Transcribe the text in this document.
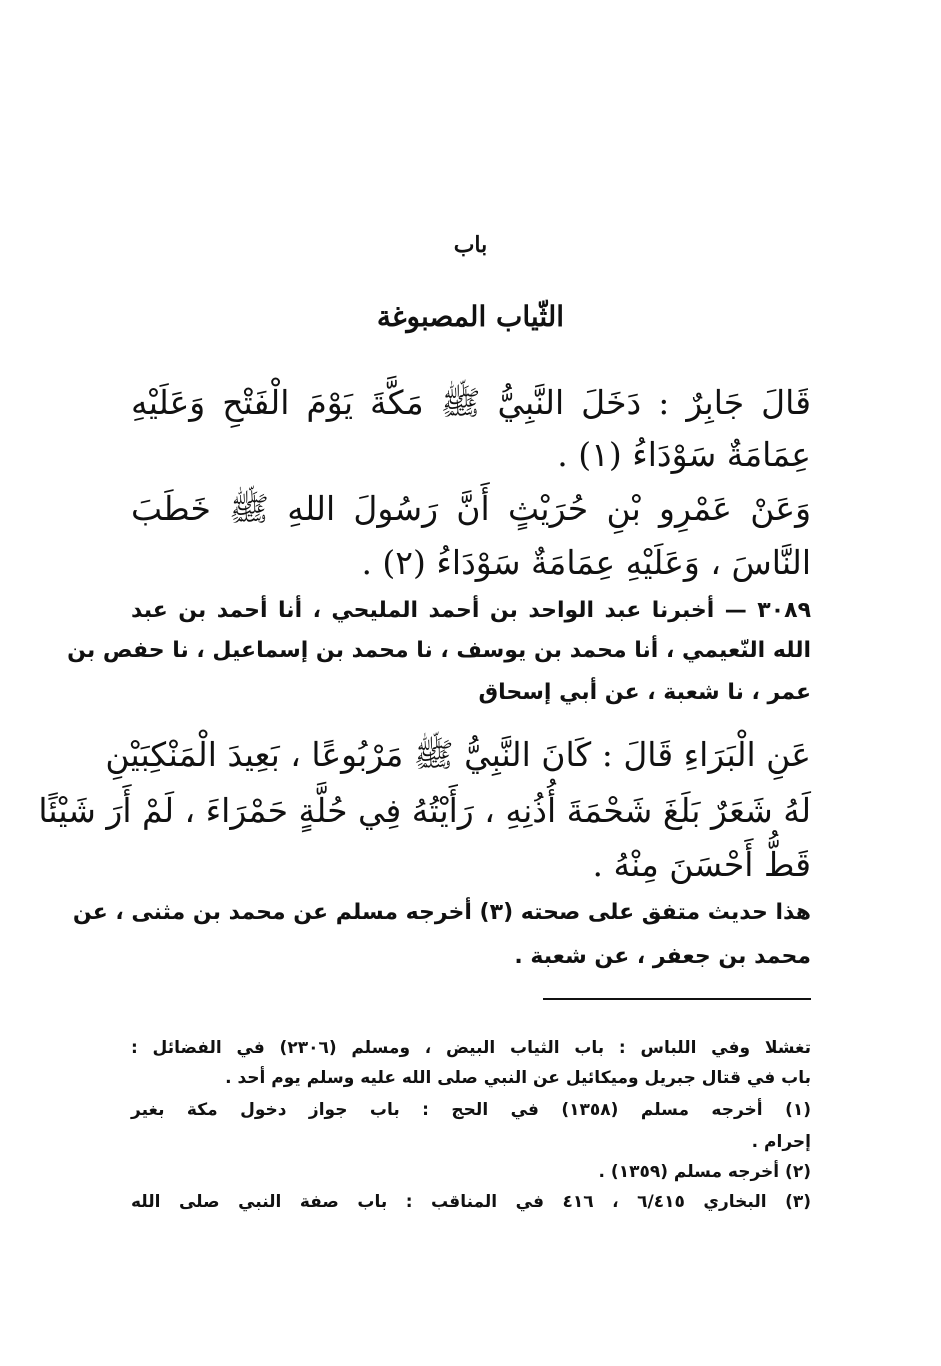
باب
الثّياب المصبوغة
قَالَ جَابِرٌ : دَخَلَ النَّبِيُّ ﷺ مَكَّةَ يَوْمَ الْفَتْحِ وَعَلَيْهِ
عِمَامَةٌ سَوْدَاءُ (١) .
وَعَنْ عَمْرِو بْنِ حُرَيْثٍ أَنَّ رَسُولَ اللهِ ﷺ خَطَبَ
النَّاسَ ، وَعَلَيْهِ عِمَامَةٌ سَوْدَاءُ (٢) .
٣٠٨٩ — أخبرنا عبد الواحد بن أحمد المليحي ، أنا أحمد بن عبد
الله النّعيمي ، أنا محمد بن يوسف ، نا محمد بن إسماعيل ، نا حفص بن
عمر ، نا شعبة ، عن أبي إسحاق
عَنِ الْبَرَاءِ قَالَ : كَانَ النَّبِيُّ ﷺ مَرْبُوعًا ، بَعِيدَ الْمَنْكِبَيْنِ
لَهُ شَعَرٌ بَلَغَ شَحْمَةَ أُذُنِهِ ، رَأَيْتُهُ فِي حُلَّةٍ حَمْرَاءَ ، لَمْ أَرَ شَيْئًا
قَطُّ أَحْسَنَ مِنْهُ .
هذا حديث متفق على صحته (٣) أخرجه مسلم عن محمد بن مثنى ، عن
محمد بن جعفر ، عن شعبة .
تغشلا وفي اللباس : باب الثياب البيض ، ومسلم (٢٣٠٦) في الفضائل :
باب في قتال جبريل وميكائيل عن النبي صلى الله عليه وسلم يوم أحد .
(١) أخرجه مسلم (١٣٥٨) في الحج : باب جواز دخول مكة بغير
إحرام .
(٢) أخرجه مسلم (١٣٥٩) .
(٣) البخاري ٦/٤١٥ ، ٤١٦ في المناقب : باب صفة النبي صلى الله
